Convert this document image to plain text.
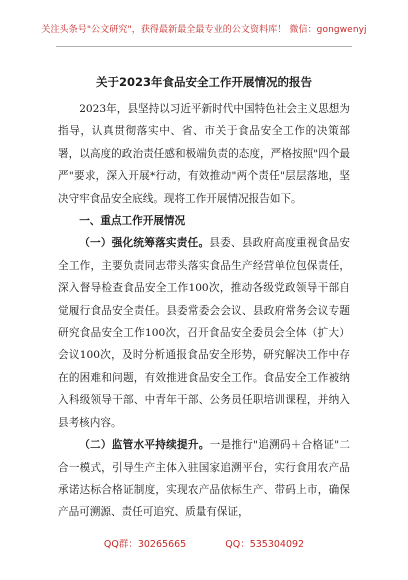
关注头条号"公文研究"，获得最新最全最专业的公文资料库！ 微信：gongwenyj
关于2023年食品安全工作开展情况的报告

2023年，县坚持以习近平新时代中国特色社会主义思想为指导，认真贯彻落实中、省、市关于食品安全工作的决策部署，以高度的政治责任感和极端负责的态度，严格按照"四个最严"要求，深入开展*行动，有效推动"两个责任"层层落地，坚决守牢食品安全底线。现将工作开展情况报告如下。

一、重点工作开展情况

（一）强化统筹落实责任。县委、县政府高度重视食品安全工作，主要负责同志带头落实食品生产经营单位包保责任，深入督导检查食品安全工作100次，推动各级党政领导干部自觉履行食品安全责任。县委常委会会议、县政府常务会议专题研究食品安全工作100次，召开食品安全委员会全体（扩大）会议100次，及时分析通报食品安全形势，研究解决工作中存在的困难和问题，有效推进食品安全工作。食品安全工作被纳入科级领导干部、中青年干部、公务员任职培训课程，并纳入县考核内容。

（二）监管水平持续提升。一是推行"追溯码＋合格证"二合一模式，引导生产主体入驻国家追溯平台，实行食用农产品承诺达标合格证制度，实现农产品依标生产、带码上市，确保产品可溯源、责任可追究、质量有保证，

QQ群：30265665	QQ：535304092
